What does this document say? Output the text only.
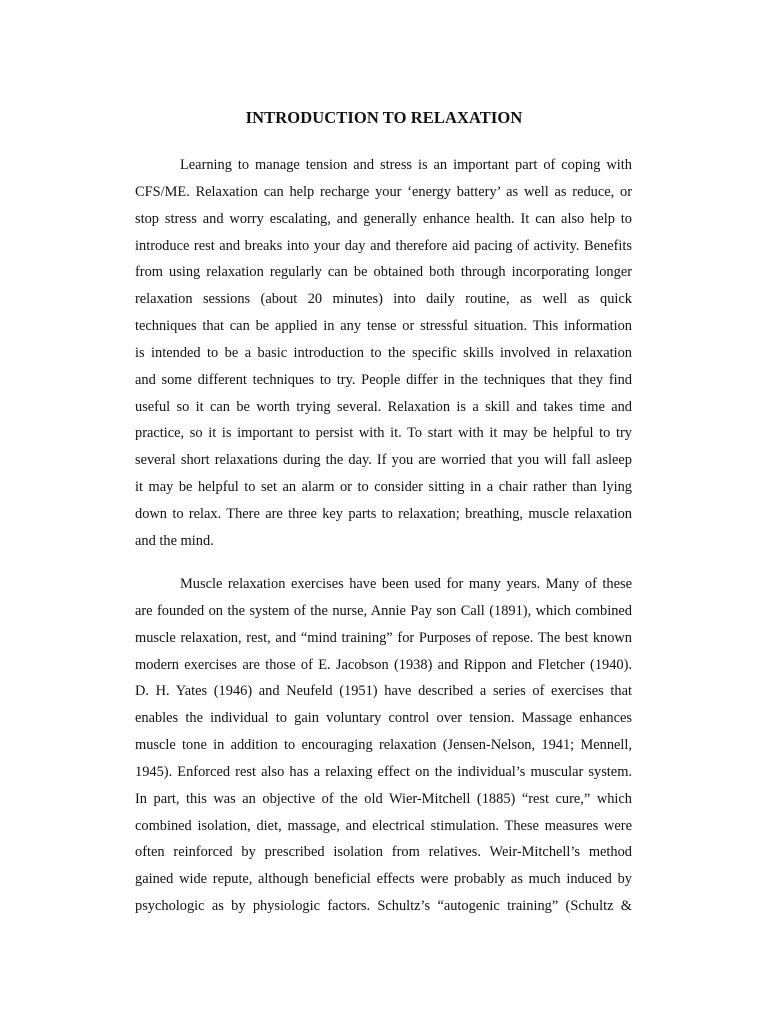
INTRODUCTION TO RELAXATION
Learning to manage tension and stress is an important part of coping with
CFS/ME. Relaxation can help recharge your ‘energy battery’ as well as reduce, or
stop stress and worry escalating, and generally enhance health. It can also help to
introduce rest and breaks into your day and therefore aid pacing of activity. Benefits
from using relaxation regularly can be obtained both through incorporating longer
relaxation sessions (about 20 minutes) into daily routine, as well as quick
techniques that can be applied in any tense or stressful situation. This information
is intended to be a basic introduction to the specific skills involved in relaxation
and some different techniques to try. People differ in the techniques that they find
useful so it can be worth trying several. Relaxation is a skill and takes time and
practice, so it is important to persist with it. To start with it may be helpful to try
several short relaxations during the day. If you are worried that you will fall asleep
it may be helpful to set an alarm or to consider sitting in a chair rather than lying
down to relax. There are three key parts to relaxation; breathing, muscle relaxation
and the mind.
Muscle relaxation exercises have been used for many years. Many of these
are founded on the system of the nurse, Annie Pay son Call (1891), which combined
muscle relaxation, rest, and “mind training” for Purposes of repose. The best known
modern exercises are those of E. Jacobson (1938) and Rippon and Fletcher (1940).
D. H. Yates (1946) and Neufeld (1951) have described a series of exercises that
enables the individual to gain voluntary control over tension. Massage enhances
muscle tone in addition to encouraging relaxation (Jensen-Nelson, 1941; Mennell,
1945). Enforced rest also has a relaxing effect on the individual’s muscular system.
In part, this was an objective of the old Wier-Mitchell (1885) “rest cure,” which
combined isolation, diet, massage, and electrical stimulation. These measures were
often reinforced by prescribed isolation from relatives. Weir-Mitchell’s method
gained wide repute, although beneficial effects were probably as much induced by
psychologic as by physiologic factors. Schultz’s “autogenic training” (Schultz &
